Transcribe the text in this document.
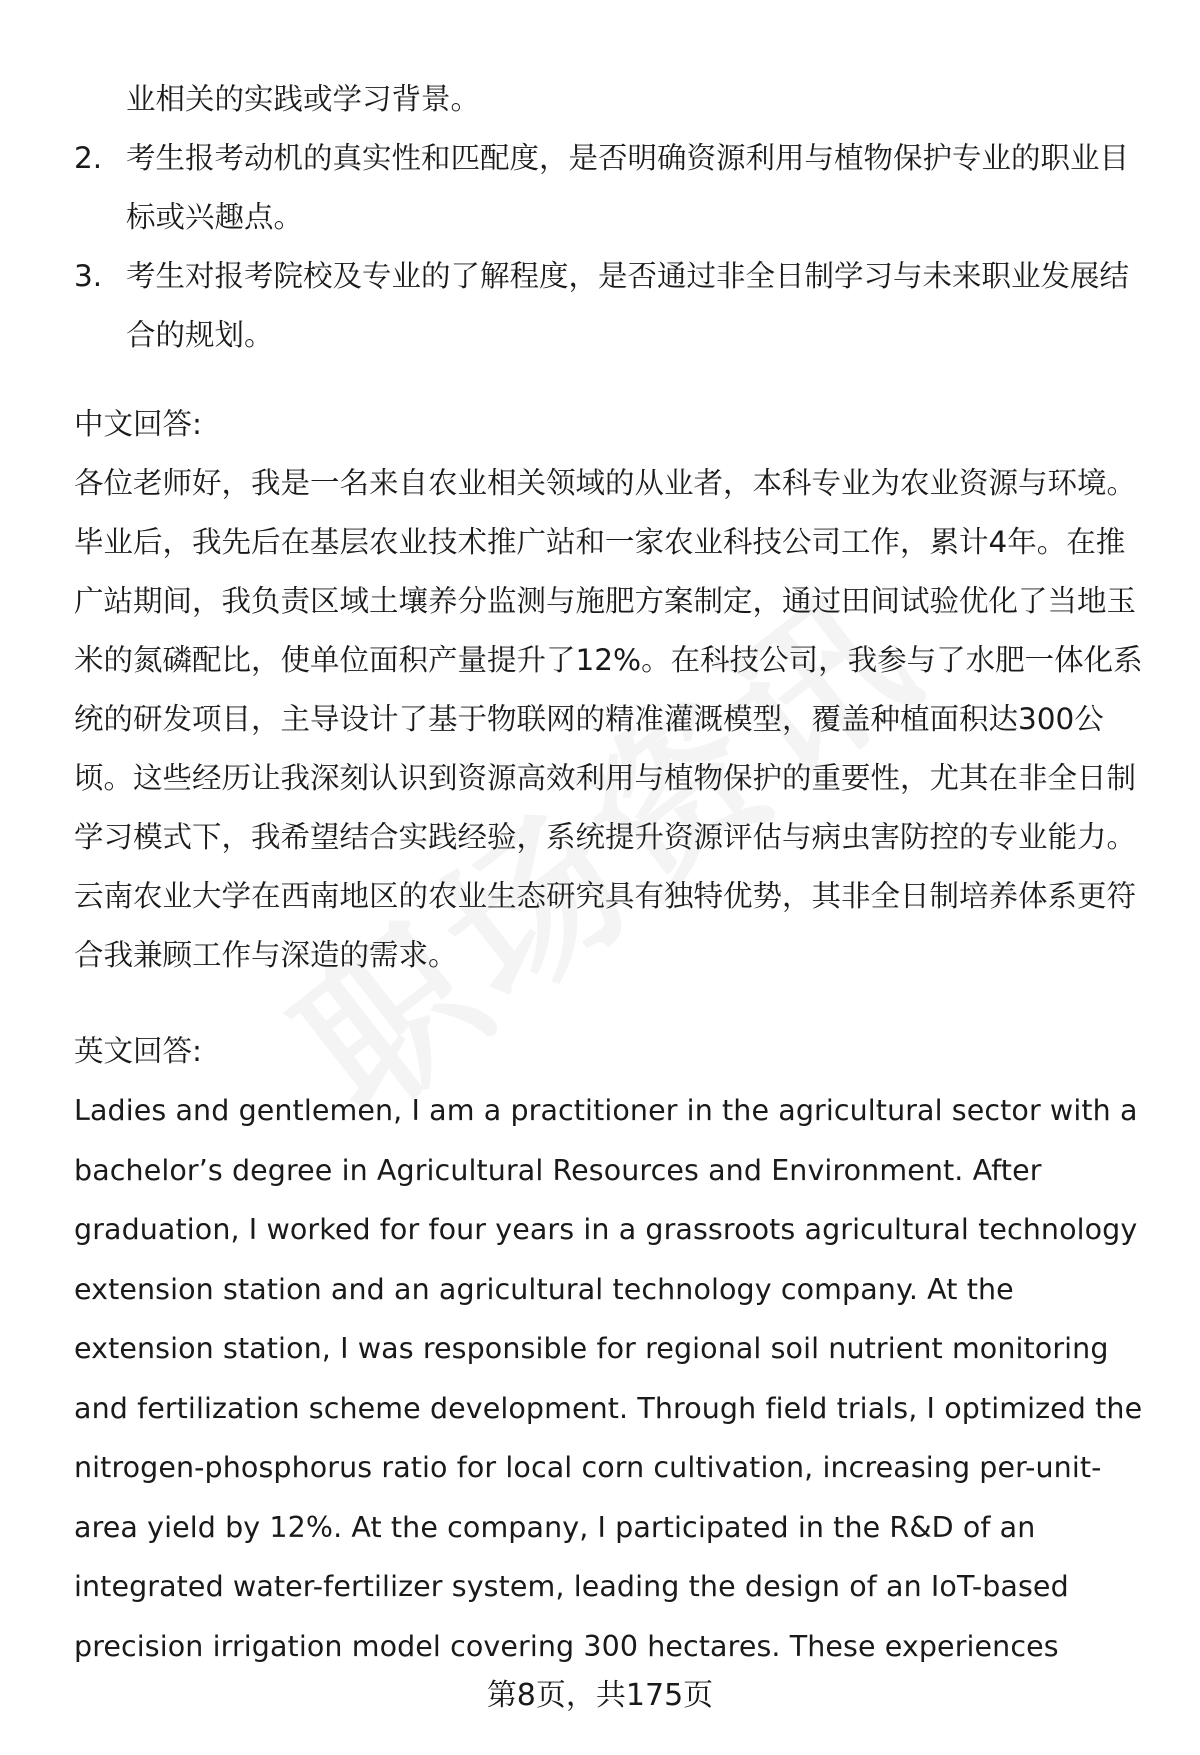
业相关的实践或学习背景。

2. 考生报考动机的真实性和匹配度，是否明确资源利用与植物保护专业的职业目标或兴趣点。
3. 考生对报考院校及专业的了解程度，是否通过非全日制学习与未来职业发展结合的规划。

中文回答:

各位老师好，我是一名来自农业相关领域的从业者，本科专业为农业资源与环境。毕业后，我先后在基层农业技术推广站和一家农业科技公司工作，累计4年。在推广站期间，我负责区域土壤养分监测与施肥方案制定，通过田间试验优化了当地玉米的氮磷配比，使单位面积产量提升了12%。在科技公司，我参与了水肥一体化系统的研发项目，主导设计了基于物联网的精准灌溉模型，覆盖种植面积达300公顷。这些经历让我深刻认识到资源高效利用与植物保护的重要性，尤其在非全日制学习模式下，我希望结合实践经验，系统提升资源评估与病虫害防控的专业能力。云南农业大学在西南地区的农业生态研究具有独特优势，其非全日制培养体系更符合我兼顾工作与深造的需求。

英文回答:

Ladies and gentlemen, I am a practitioner in the agricultural sector with a bachelor’s degree in Agricultural Resources and Environment. After graduation, I worked for four years in a grassroots agricultural technology extension station and an agricultural technology company. At the extension station, I was responsible for regional soil nutrient monitoring and fertilization scheme development. Through field trials, I optimized the nitrogen-phosphorus ratio for local corn cultivation, increasing per-unit-area yield by 12%. At the company, I participated in the R&D of an integrated water-fertilizer system, leading the design of an IoT-based precision irrigation model covering 300 hectares. These experiences

第8页，共175页
